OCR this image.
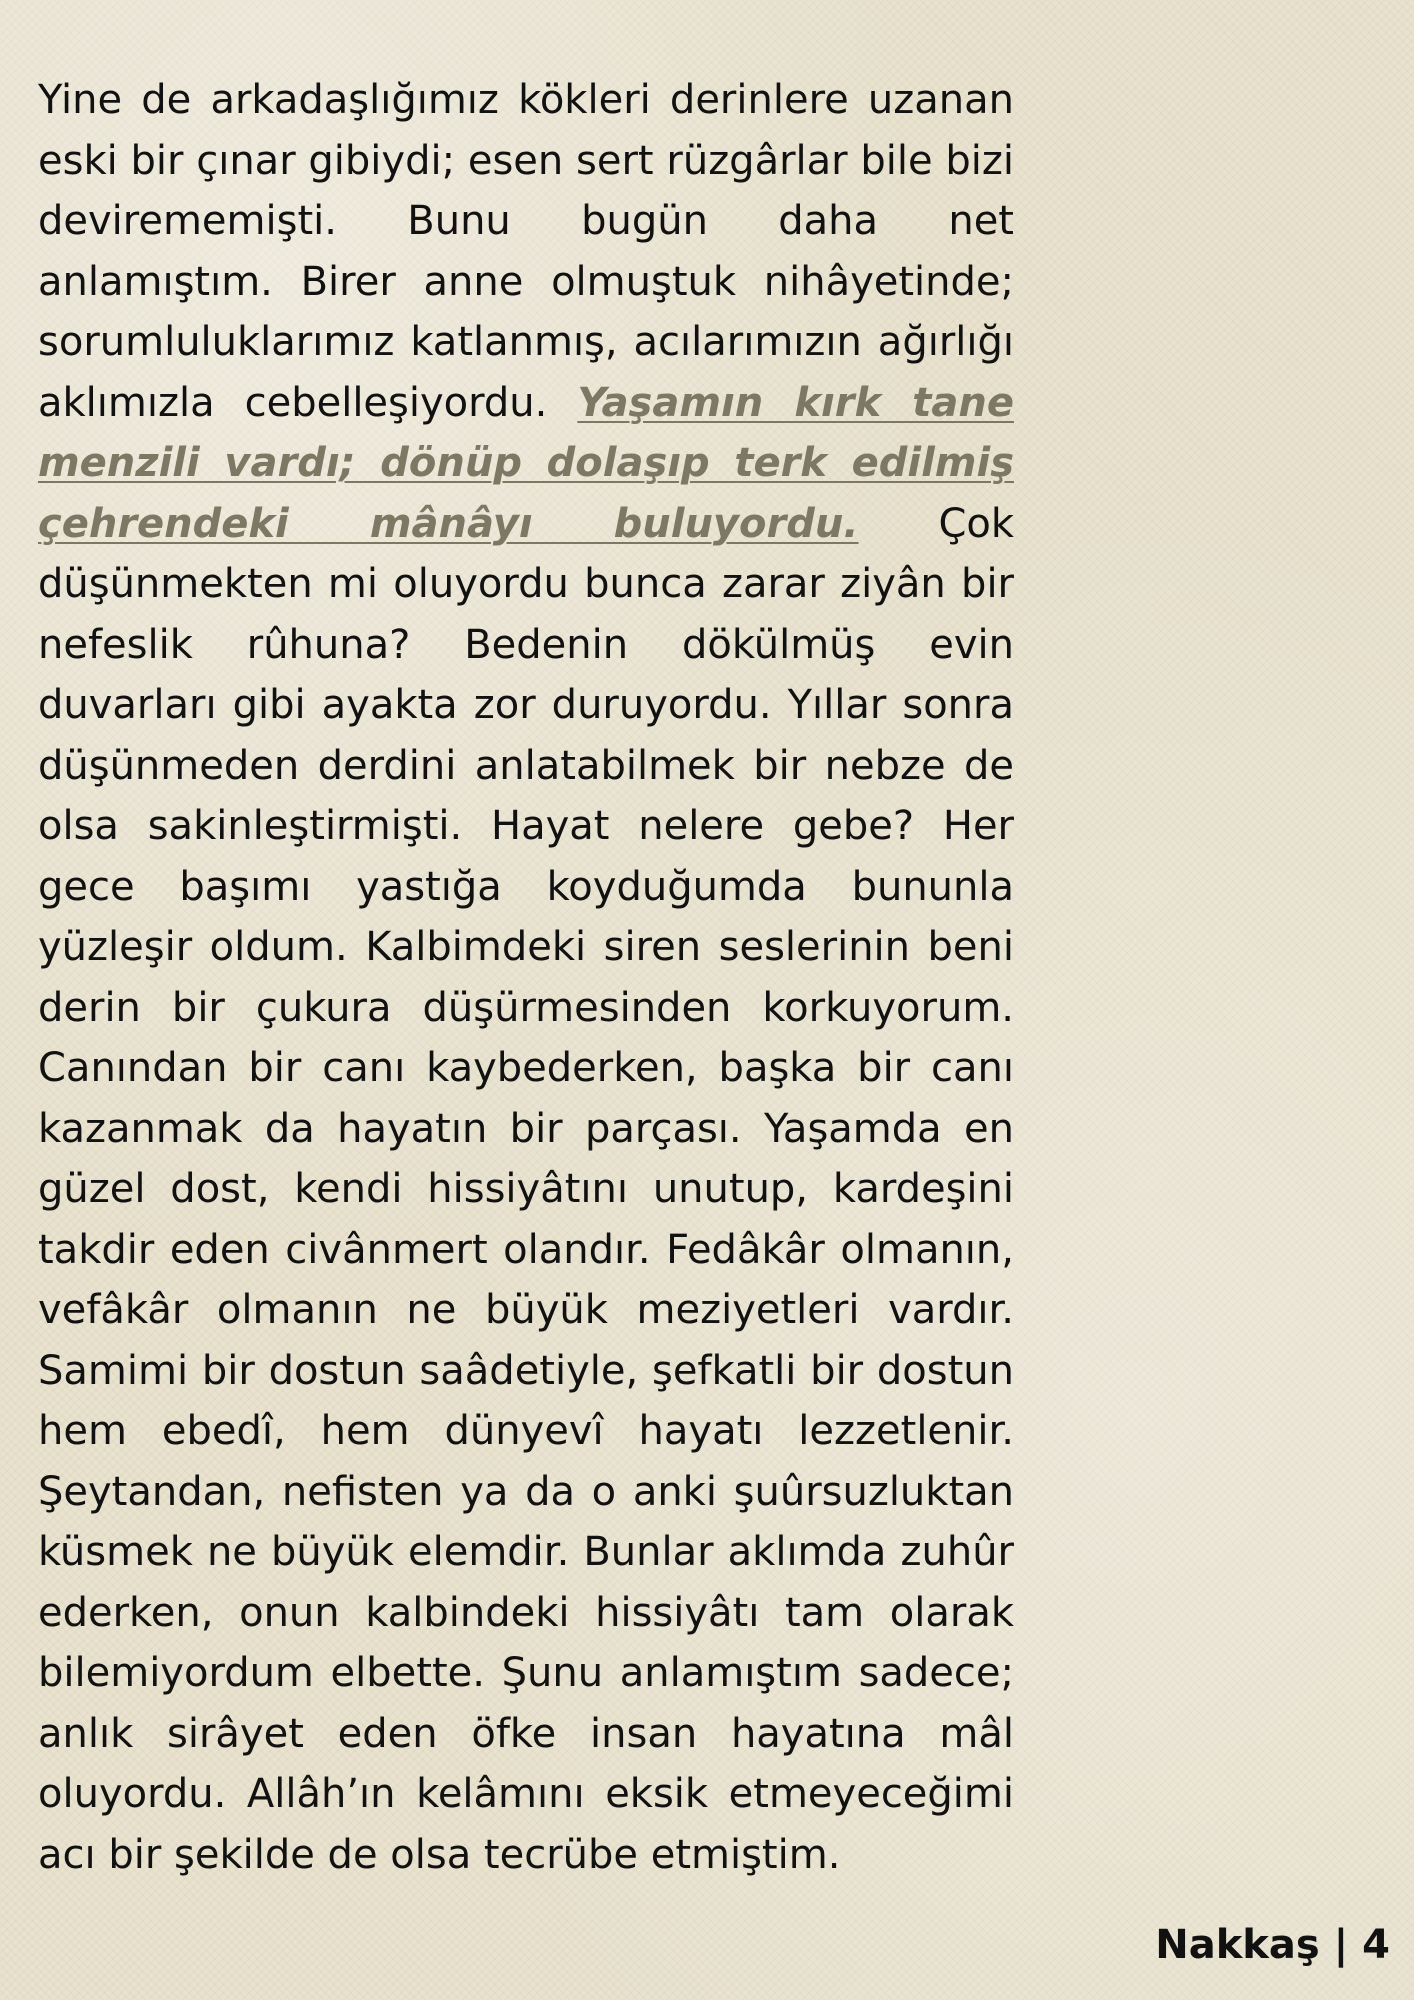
Yine de arkadaşlığımız kökleri derinlere uzanan eski bir çınar gibiydi; esen sert rüzgârlar bile bizi devirememişti. Bunu bugün daha net anlamıştım. Birer anne olmuştuk nihâyetinde; sorumluluklarımız katlanmış, acılarımızın ağırlığı aklımızla cebelleşiyordu. Yaşamın kırk tane menzili vardı; dönüp dolaşıp terk edilmiş çehrendeki mânâyı buluyordu. Çok düşünmekten mi oluyordu bunca zarar ziyân bir nefeslik rûhuna? Bedenin dökülmüş evin duvarları gibi ayakta zor duruyordu. Yıllar sonra düşünmeden derdini anlatabilmek bir nebze de olsa sakinleştirmişti. Hayat nelere gebe? Her gece başımı yastığa koyduğumda bununla yüzleşir oldum. Kalbimdeki siren seslerinin beni derin bir çukura düşürmesinden korkuyorum. Canından bir canı kaybederken, başka bir canı kazanmak da hayatın bir parçası. Yaşamda en güzel dost, kendi hissiyâtını unutup, kardeşini takdir eden civânmert olandır. Fedâkâr olmanın, vefâkâr olmanın ne büyük meziyetleri vardır. Samimi bir dostun saâdetiyle, şefkatli bir dostun hem ebedî, hem dünyevî hayatı lezzetlenir. Şeytandan, nefisten ya da o anki şuûrsuzluktan küsmek ne büyük elemdir. Bunlar aklımda zuhûr ederken, onun kalbindeki hissiyâtı tam olarak bilemiyordum elbette. Şunu anlamıştım sadece; anlık sirâyet eden öfke insan hayatına mâl oluyordu. Allâh’ın kelâmını eksik etmeyeceğimi acı bir şekilde de olsa tecrübe etmiştim.

Nakkaş | 4
